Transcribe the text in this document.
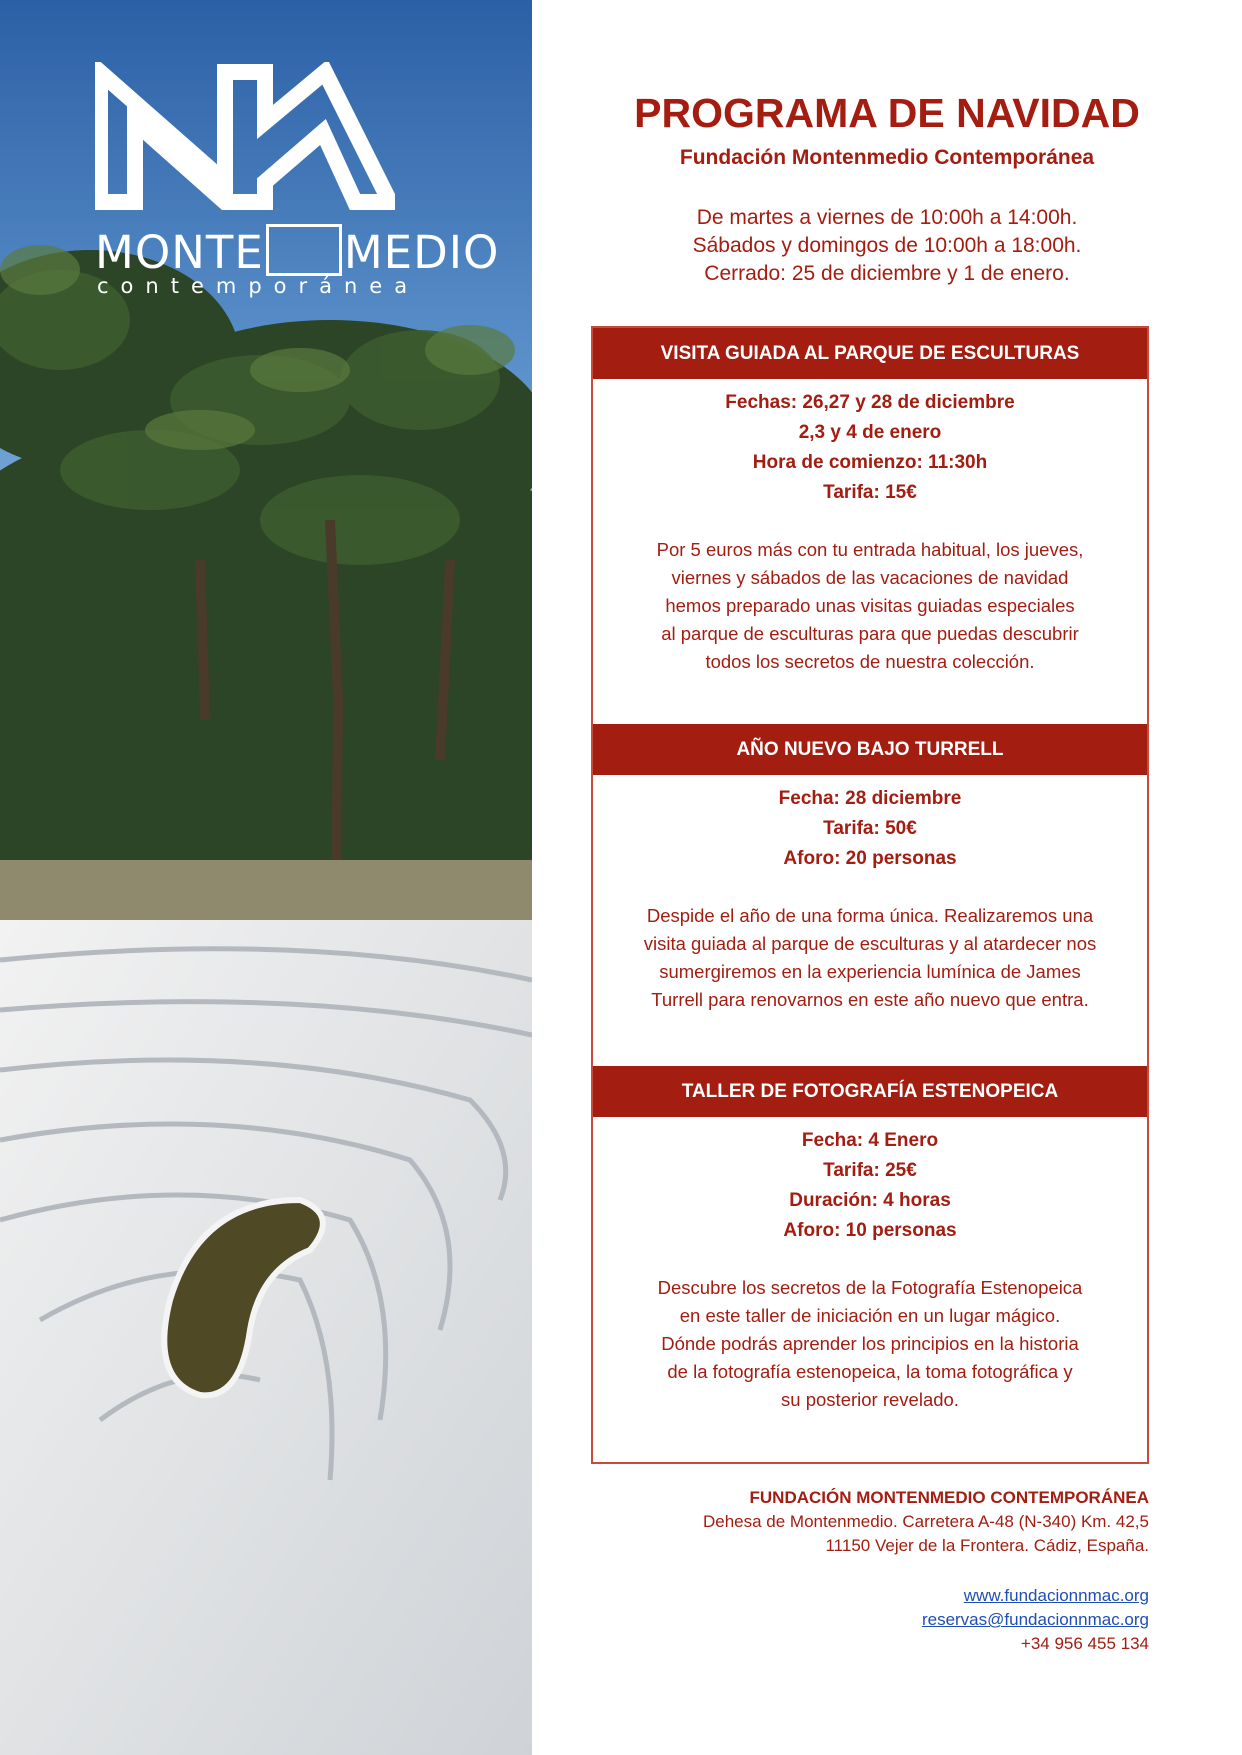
MONTE MEDIO
contemporánea
PROGRAMA DE NAVIDAD
Fundación Montenmedio Contemporánea
De martes a viernes de 10:00h a 14:00h.
Sábados y domingos de 10:00h a 18:00h.
Cerrado: 25 de diciembre y 1 de enero.
VISITA GUIADA AL PARQUE DE ESCULTURAS
Fechas: 26,27 y 28 de diciembre
2,3 y 4 de enero
Hora de comienzo: 11:30h
Tarifa: 15€
Por 5 euros más con tu entrada habitual, los jueves,
viernes y sábados de las vacaciones de navidad
hemos preparado unas visitas guiadas especiales
al parque de esculturas para que puedas descubrir
todos los secretos de nuestra colección.
AÑO NUEVO BAJO TURRELL
Fecha: 28 diciembre
Tarifa: 50€
Aforo: 20 personas
Despide el año de una forma única. Realizaremos una
visita guiada al parque de esculturas y al atardecer nos
sumergiremos en la experiencia lumínica de James
Turrell para renovarnos en este año nuevo que entra.
TALLER DE FOTOGRAFÍA ESTENOPEICA
Fecha: 4 Enero
Tarifa: 25€
Duración: 4 horas
Aforo: 10 personas
Descubre los secretos de la Fotografía Estenopeica
en este taller de iniciación en un lugar mágico.
Dónde podrás aprender los principios en la historia
de la fotografía estenopeica, la toma fotográfica y
su posterior revelado.
FUNDACIÓN MONTENMEDIO CONTEMPORÁNEA
Dehesa de Montenmedio. Carretera A-48 (N-340) Km. 42,5
11150 Vejer de la Frontera. Cádiz, España.
www.fundacionnmac.org
reservas@fundacionnmac.org
+34 956 455 134
